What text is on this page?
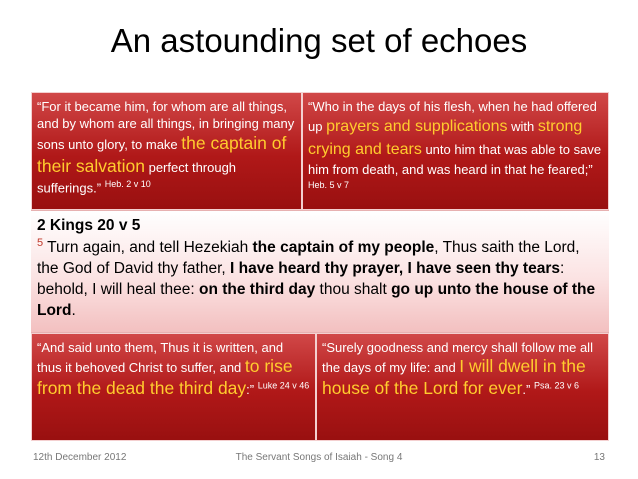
An astounding set of echoes
“For it became him, for whom are all things, and by whom are all things, in bringing many sons unto glory, to make the captain of their salvation perfect through sufferings.” $^{Heb. 2 v 10}$
“Who in the days of his flesh, when he had offered up prayers and supplications with strong crying and tears unto him that was able to save him from death, and was heard in that he feared;” $^{Heb. 5 v 7}$
2 Kings 20 v 5
$^5$ Turn again, and tell Hezekiah the captain of my people, Thus saith the Lord, the God of David thy father, I have heard thy prayer, I have seen thy tears: behold, I will heal thee: on the third day thou shalt go up unto the house of the Lord.
“And said unto them, Thus it is written, and thus it behoved Christ to suffer, and to rise from the dead the third day:” $^{Luke 24 v 46}$
“Surely goodness and mercy shall follow me all the days of my life: and I will dwell in the house of the Lord for ever.” $^{Psa. 23 v 6}$
12th December 2012	The Servant Songs of Isaiah - Song 4	13
